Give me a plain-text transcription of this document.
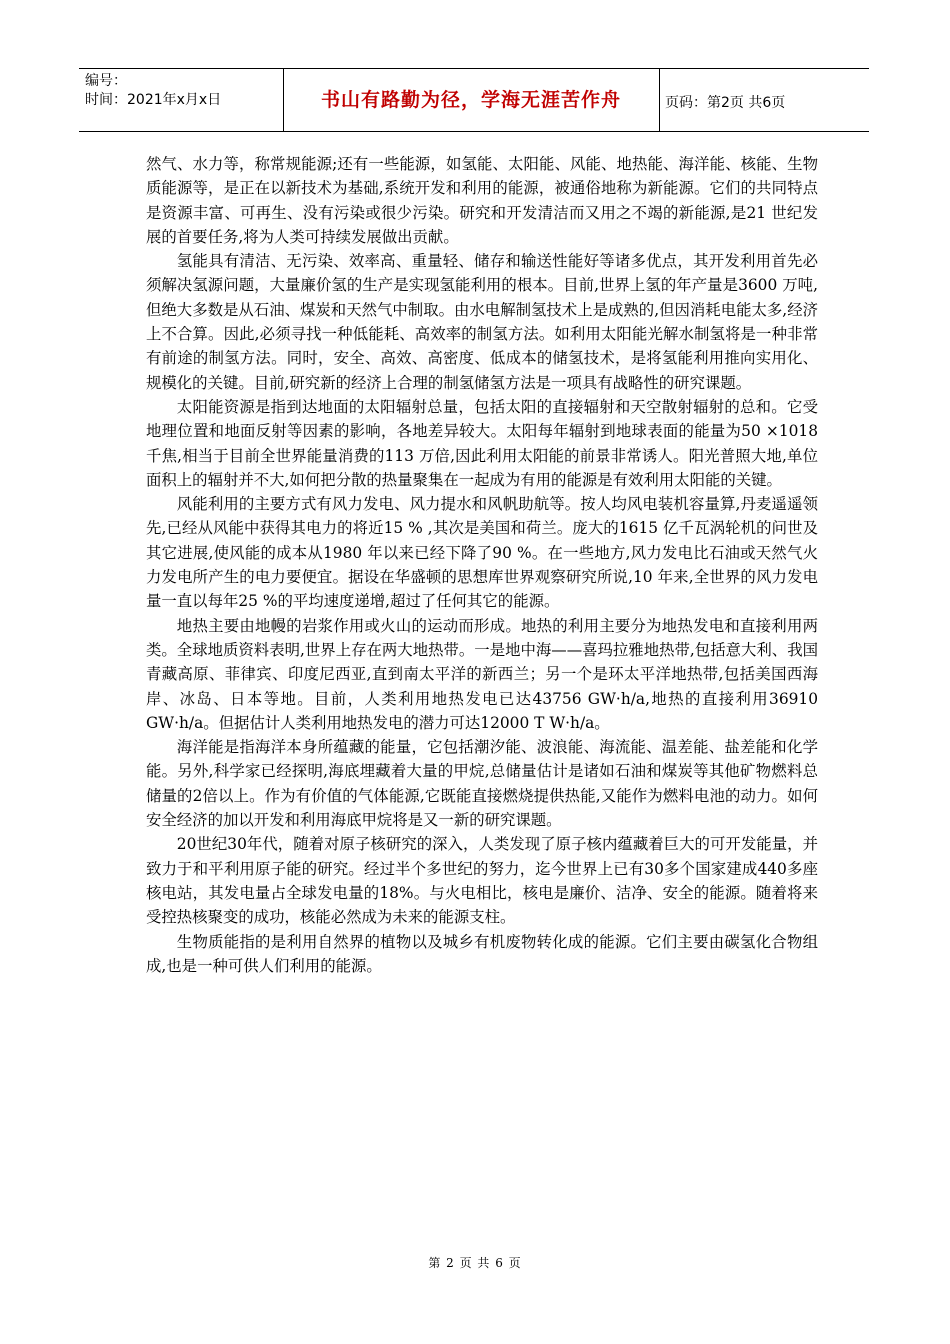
编号：
时间：2021年x月x日	书山有路勤为径，学海无涯苦作舟	页码：第2页 共6页

然气、水力等，称常规能源;还有一些能源，如氢能、太阳能、风能、地热能、海洋能、核能、生物质能源等，是正在以新技术为基础,系统开发和利用的能源，被通俗地称为新能源。它们的共同特点是资源丰富、可再生、没有污染或很少污染。研究和开发清洁而又用之不竭的新能源,是21 世纪发展的首要任务,将为人类可持续发展做出贡献。

氢能具有清洁、无污染、效率高、重量轻、储存和输送性能好等诸多优点，其开发利用首先必须解决氢源问题，大量廉价氢的生产是实现氢能利用的根本。目前,世界上氢的年产量是3600 万吨,但绝大多数是从石油、煤炭和天然气中制取。由水电解制氢技术上是成熟的,但因消耗电能太多,经济上不合算。因此,必须寻找一种低能耗、高效率的制氢方法。如利用太阳能光解水制氢将是一种非常有前途的制氢方法。同时，安全、高效、高密度、低成本的储氢技术，是将氢能利用推向实用化、规模化的关键。目前,研究新的经济上合理的制氢储氢方法是一项具有战略性的研究课题。

太阳能资源是指到达地面的太阳辐射总量，包括太阳的直接辐射和天空散射辐射的总和。它受地理位置和地面反射等因素的影响，各地差异较大。太阳每年辐射到地球表面的能量为50 ×1018 千焦,相当于目前全世界能量消费的113 万倍,因此利用太阳能的前景非常诱人。阳光普照大地,单位面积上的辐射并不大,如何把分散的热量聚集在一起成为有用的能源是有效利用太阳能的关键。

风能利用的主要方式有风力发电、风力提水和风帆助航等。按人均风电装机容量算,丹麦遥遥领先,已经从风能中获得其电力的将近15 % ,其次是美国和荷兰。庞大的1615 亿千瓦涡轮机的问世及其它进展,使风能的成本从1980 年以来已经下降了90 %。在一些地方,风力发电比石油或天然气火力发电所产生的电力要便宜。据设在华盛顿的思想库世界观察研究所说,10 年来,全世界的风力发电量一直以每年25 %的平均速度递增,超过了任何其它的能源。

地热主要由地幔的岩浆作用或火山的运动而形成。地热的利用主要分为地热发电和直接利用两类。全球地质资料表明,世界上存在两大地热带。一是地中海——喜玛拉雅地热带,包括意大利、我国青藏高原、菲律宾、印度尼西亚,直到南太平洋的新西兰；另一个是环太平洋地热带,包括美国西海岸、冰岛、日本等地。目前，人类利用地热发电已达43756 GW·h/a,地热的直接利用36910 GW·h/a。但据估计人类利用地热发电的潜力可达12000 T W·h/a。

海洋能是指海洋本身所蕴藏的能量，它包括潮汐能、波浪能、海流能、温差能、盐差能和化学能。另外,科学家已经探明,海底埋藏着大量的甲烷,总储量估计是诸如石油和煤炭等其他矿物燃料总储量的2倍以上。作为有价值的气体能源,它既能直接燃烧提供热能,又能作为燃料电池的动力。如何安全经济的加以开发和利用海底甲烷将是又一新的研究课题。

20世纪30年代，随着对原子核研究的深入，人类发现了原子核内蕴藏着巨大的可开发能量，并致力于和平利用原子能的研究。经过半个多世纪的努力，迄今世界上已有30多个国家建成440多座核电站，其发电量占全球发电量的18%。与火电相比，核电是廉价、洁净、安全的能源。随着将来受控热核聚变的成功，核能必然成为未来的能源支柱。

生物质能指的是利用自然界的植物以及城乡有机废物转化成的能源。它们主要由碳氢化合物组成,也是一种可供人们利用的能源。

第 2 页 共 6 页
